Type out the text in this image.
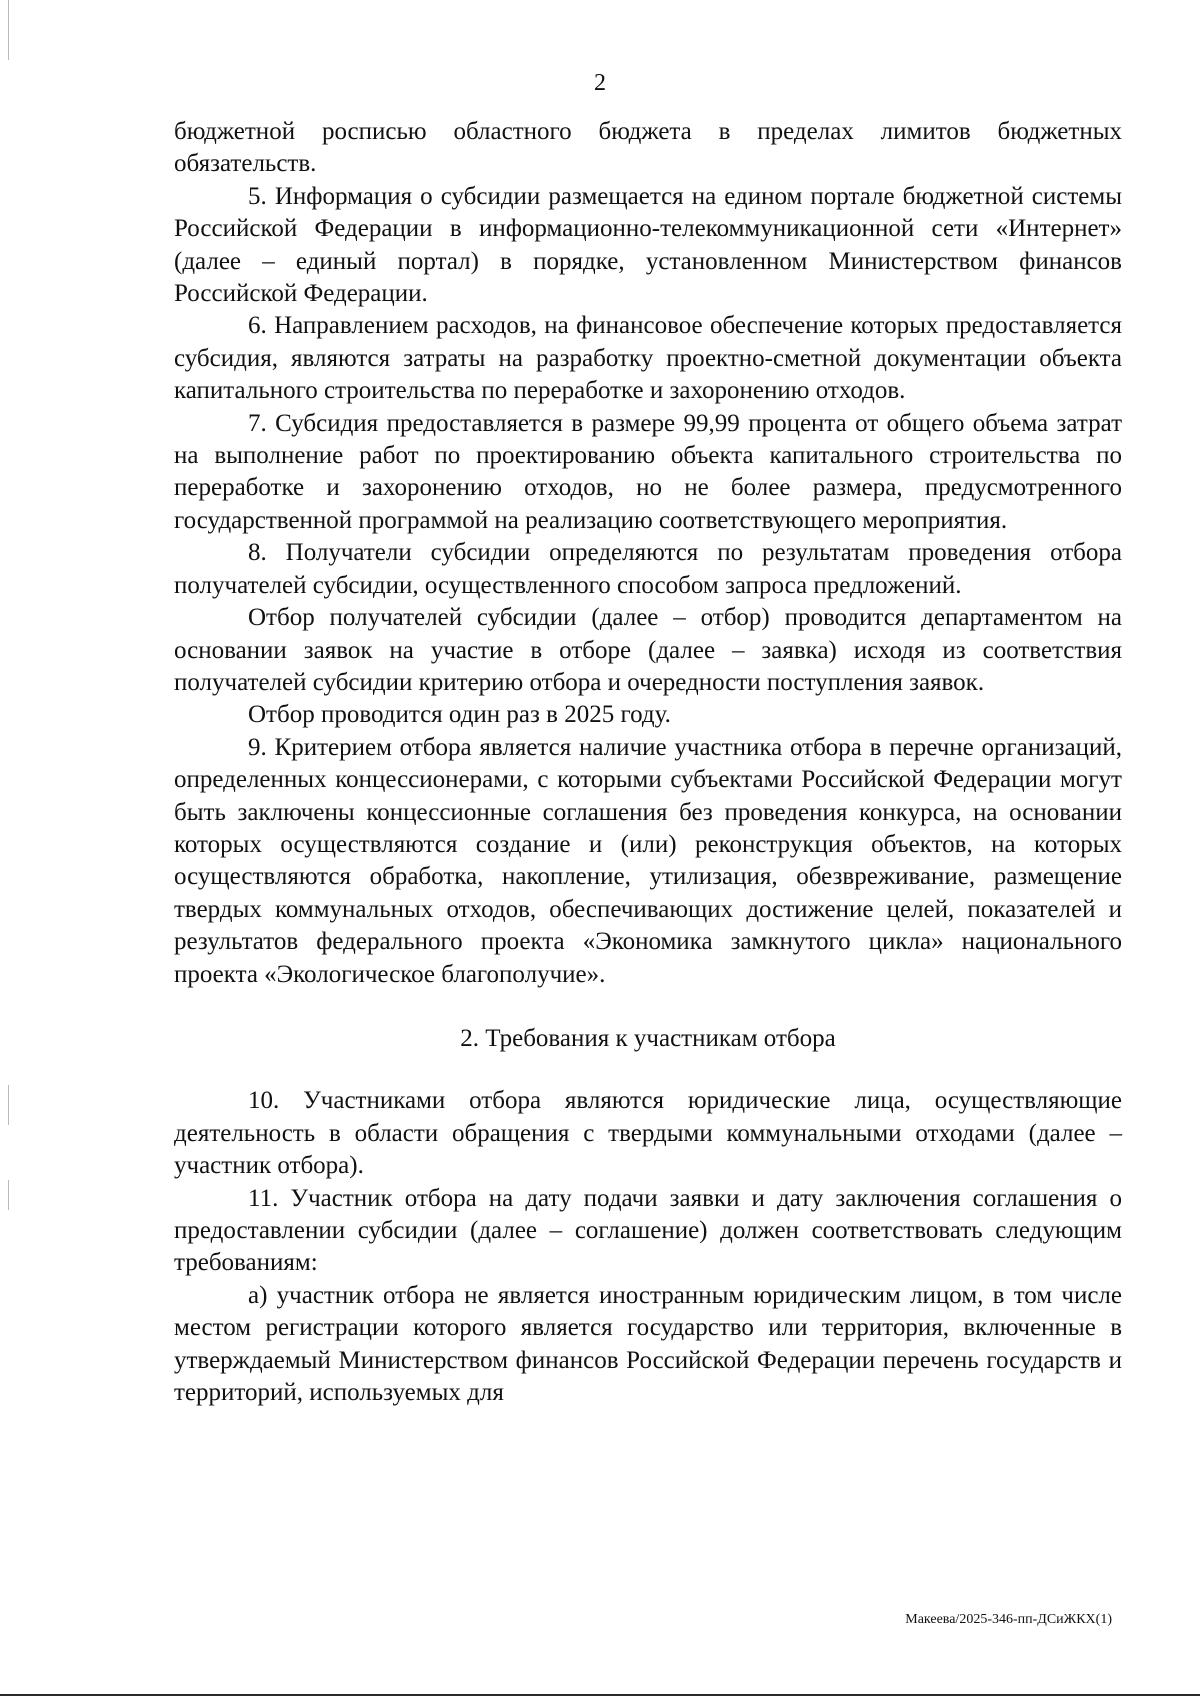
2

бюджетной росписью областного бюджета в пределах лимитов бюджетных обязательств.

5. Информация о субсидии размещается на едином портале бюджетной системы Российской Федерации в информационно-телекоммуникационной сети «Интернет» (далее – единый портал) в порядке, установленном Министерством финансов Российской Федерации.

6. Направлением расходов, на финансовое обеспечение которых предоставляется субсидия, являются затраты на разработку проектно-сметной документации объекта капитального строительства по переработке и захоронению отходов.

7. Субсидия предоставляется в размере 99,99 процента от общего объема затрат на выполнение работ по проектированию объекта капитального строительства по переработке и захоронению отходов, но не более размера, предусмотренного государственной программой на реализацию соответствующего мероприятия.

8. Получатели субсидии определяются по результатам проведения отбора получателей субсидии, осуществленного способом запроса предложений.

Отбор получателей субсидии (далее – отбор) проводится департаментом на основании заявок на участие в отборе (далее – заявка) исходя из соответствия получателей субсидии критерию отбора и очередности поступления заявок.

Отбор проводится один раз в 2025 году.

9. Критерием отбора является наличие участника отбора в перечне организаций, определенных концессионерами, с которыми субъектами Российской Федерации могут быть заключены концессионные соглашения без проведения конкурса, на основании которых осуществляются создание и (или) реконструкция объектов, на которых осуществляются обработка, накопление, утилизация, обезвреживание, размещение твердых коммунальных отходов, обеспечивающих достижение целей, показателей и результатов федерального проекта «Экономика замкнутого цикла» национального проекта «Экологическое благополучие».

2. Требования к участникам отбора

10. Участниками отбора являются юридические лица, осуществляющие деятельность в области обращения с твердыми коммунальными отходами (далее – участник отбора).

11. Участник отбора на дату подачи заявки и дату заключения соглашения о предоставлении субсидии (далее – соглашение) должен соответствовать следующим требованиям:

а) участник отбора не является иностранным юридическим лицом, в том числе местом регистрации которого является государство или территория, включенные в утверждаемый Министерством финансов Российской Федерации перечень государств и территорий, используемых для

Макеева/2025-346-пп-ДСиЖКХ(1)
